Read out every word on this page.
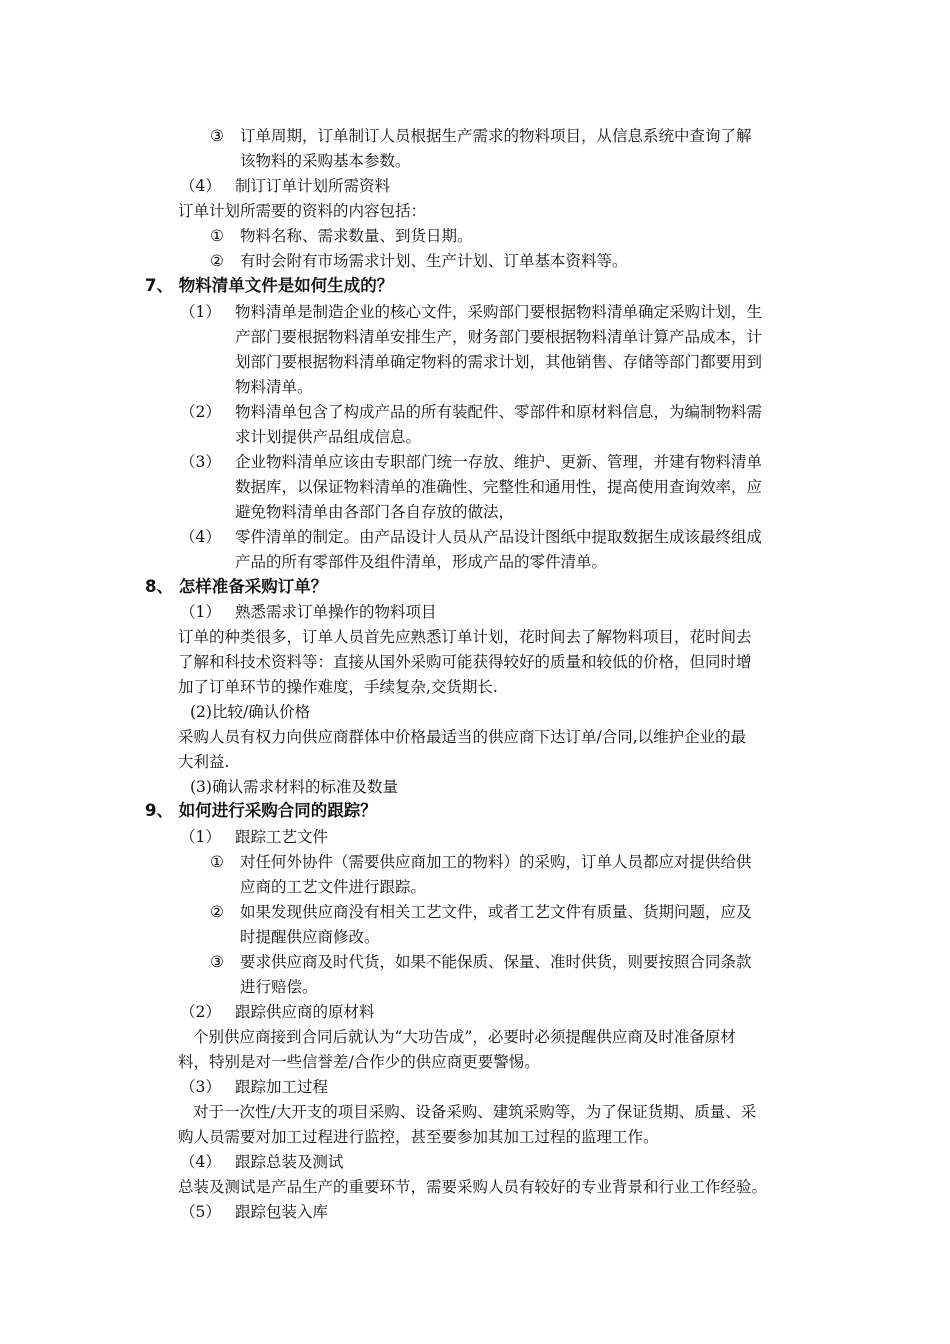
③ 订单周期，订单制订人员根据生产需求的物料项目，从信息系统中查询了解
该物料的采购基本参数。
（4） 制订订单计划所需资料
订单计划所需要的资料的内容包括：
① 物料名称、需求数量、到货日期。
② 有时会附有市场需求计划、生产计划、订单基本资料等。
7、 物料清单文件是如何生成的？
（1） 物料清单是制造企业的核心文件，采购部门要根据物料清单确定采购计划，生
产部门要根据物料清单安排生产，财务部门要根据物料清单计算产品成本，计
划部门要根据物料清单确定物料的需求计划，其他销售、存储等部门都要用到
物料清单。
（2） 物料清单包含了构成产品的所有装配件、零部件和原材料信息，为编制物料需
求计划提供产品组成信息。
（3） 企业物料清单应该由专职部门统一存放、维护、更新、管理，并建有物料清单
数据库，以保证物料清单的准确性、完整性和通用性，提高使用查询效率，应
避免物料清单由各部门各自存放的做法，
（4） 零件清单的制定。由产品设计人员从产品设计图纸中提取数据生成该最终组成
产品的所有零部件及组件清单，形成产品的零件清单。
8、 怎样准备采购订单？
（1） 熟悉需求订单操作的物料项目
订单的种类很多，订单人员首先应熟悉订单计划，花时间去了解物料项目，花时间去
了解和科技术资料等：直接从国外采购可能获得较好的质量和较低的价格，但同时增
加了订单环节的操作难度，手续复杂,交货期长.
(2)比较/确认价格
采购人员有权力向供应商群体中价格最适当的供应商下达订单/合同,以维护企业的最
大利益.
(3)确认需求材料的标准及数量
9、 如何进行采购合同的跟踪？
（1） 跟踪工艺文件
① 对任何外协件（需要供应商加工的物料）的采购，订单人员都应对提供给供
应商的工艺文件进行跟踪。
② 如果发现供应商没有相关工艺文件，或者工艺文件有质量、货期问题，应及
时提醒供应商修改。
③ 要求供应商及时代货，如果不能保质、保量、准时供货，则要按照合同条款
进行赔偿。
（2） 跟踪供应商的原材料
个别供应商接到合同后就认为“大功告成”，必要时必须提醒供应商及时准备原材
料，特别是对一些信誉差/合作少的供应商更要警惕。
（3） 跟踪加工过程
对于一次性/大开支的项目采购、设备采购、建筑采购等，为了保证货期、质量、采
购人员需要对加工过程进行监控，甚至要参加其加工过程的监理工作。
（4） 跟踪总装及测试
总装及测试是产品生产的重要环节，需要采购人员有较好的专业背景和行业工作经验。
（5） 跟踪包装入库
